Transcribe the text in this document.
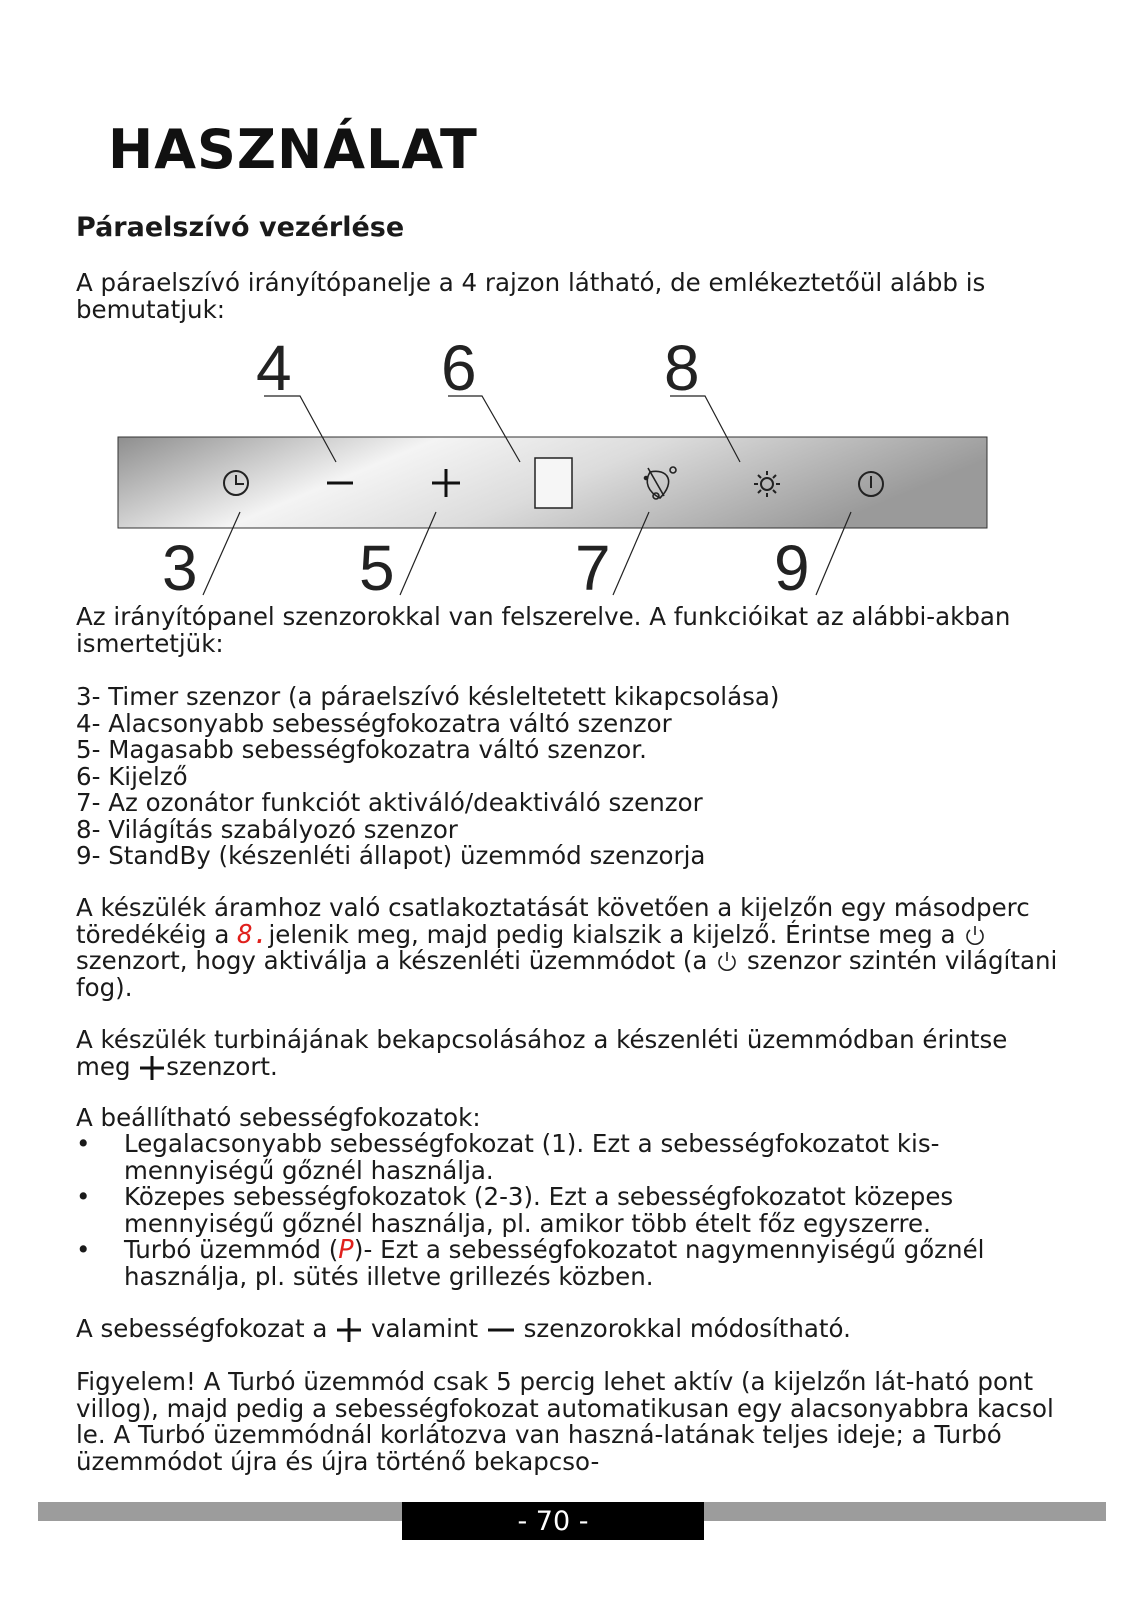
HASZNÁLAT
Páraelszívó vezérlése

A páraelszívó irányítópanelje a 4 rajzon látható, de emlékeztetőül alább is bemutatjuk:

4 6	8
3	5	7	9

Az irányítópanel szenzorokkal van felszerelve. A funkcióikat az alábbi-akban ismertetjük:

3- Timer szenzor (a páraelszívó késleltetett kikapcsolása)

4- Alacsonyabb sebességfokozatra váltó szenzor

5- Magasabb sebességfokozatra váltó szenzor.

6- Kijelző

7- Az ozonátor funkciót aktiváló/deaktiváló szenzor

8- Világítás szabályozó szenzor

9- StandBy (készenléti állapot) üzemmód szenzorja

A készülék áramhoz való csatlakoztatását követően a kijelzőn egy másodperc töredékéig a 8.jelenik meg, majd pedig kialszik a kijelző. Érintse meg a szenzort, hogy aktiválja a készenléti üzemmódot (a  szenzor szintén világítani fog).

A készülék turbinájának bekapcsolásához a készenléti üzemmódban érintse meg szenzort.

A beállítható sebességfokozatok:

• Legalacsonyabb sebességfokozat (1). Ezt a sebességfokozatot kis-mennyiségű gőznél használja.

• Közepes sebességfokozatok (2-3). Ezt a sebességfokozatot közepes mennyiségű gőznél használja, pl. amikor több ételt főz egyszerre.

• Turbó üzemmód (P)- Ezt a sebességfokozatot nagymennyiségű gőznél használja, pl. sütés illetve grillezés közben.

A sebességfokozat a  valamint  szenzorokkal módosítható.

Figyelem! A Turbó üzemmód csak 5 percig lehet aktív (a kijelzőn lát-ható pont villog), majd pedig a sebességfokozat automatikusan egy alacsonyabbra kacsol le. A Turbó üzemmódnál korlátozva van haszná-latának teljes ideje; a Turbó üzemmódot újra és újra történő bekapcso-

- 70 -
